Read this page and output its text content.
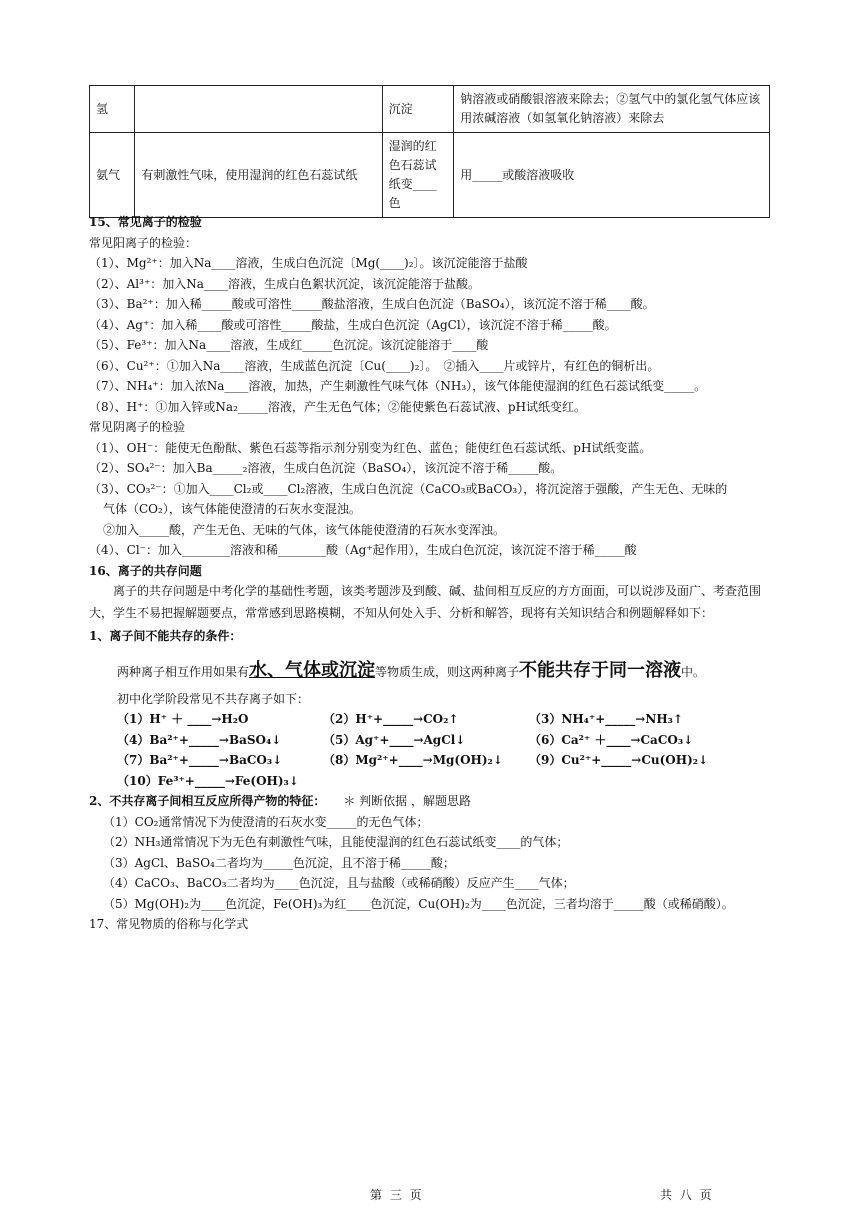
氢		沉淀	钠溶液或硝酸银溶液来除去；②氢气中的氯化氢气体应该用浓碱溶液（如氢氧化钠溶液）来除去
氨气	有刺激性气味，使用湿润的红色石蕊试纸	湿润的红色石蕊试纸变____色	用_____或酸溶液吸收
15、常见离子的检验
常见阳离子的检验：
（1）、Mg²⁺：加入Na____溶液，生成白色沉淀〔Mg(____)₂〕。该沉淀能溶于盐酸
（2）、Al³⁺：加入Na____溶液，生成白色絮状沉淀，该沉淀能溶于盐酸。
（3）、Ba²⁺：加入稀_____酸或可溶性_____酸盐溶液，生成白色沉淀（BaSO₄），该沉淀不溶于稀____酸。
（4）、Ag⁺：加入稀____酸或可溶性_____酸盐，生成白色沉淀（AgCl），该沉淀不溶于稀_____酸。
（5）、Fe³⁺：加入Na____溶液，生成红_____色沉淀。该沉淀能溶于____酸
（6）、Cu²⁺：①加入Na____溶液，生成蓝色沉淀〔Cu(____)₂〕。　②插入____片或锌片，有红色的铜析出。
（7）、NH₄⁺：加入浓Na____溶液，加热，产生刺激性气味气体（NH₃），该气体能使湿润的红色石蕊试纸变_____。
（8）、H⁺：①加入锌或Na₂_____溶液，产生无色气体；②能使紫色石蕊试液、pH试纸变红。
常见阴离子的检验
（1）、OH⁻：能使无色酚酞、紫色石蕊等指示剂分别变为红色、蓝色；能使红色石蕊试纸、pH试纸变蓝。
（2）、SO₄²⁻：加入Ba_____₂溶液，生成白色沉淀（BaSO₄），该沉淀不溶于稀_____酸。
（3）、CO₃²⁻：①加入____Cl₂或____Cl₂溶液，生成白色沉淀（CaCO₃或BaCO₃），将沉淀溶于强酸，产生无色、无味的
气体（CO₂），该气体能使澄清的石灰水变混浊。
②加入_____酸，产生无色、无味的气体，该气体能使澄清的石灰水变浑浊。
（4）、Cl⁻：加入________溶液和稀________酸（Ag⁺起作用），生成白色沉淀，该沉淀不溶于稀_____酸
16、离子的共存问题
离子的共存问题是中考化学的基础性考题，该类考题涉及到酸、碱、盐间相互反应的方方面面，可以说涉及面广、考查范围大，学生不易把握解题要点，常常感到思路模糊，不知从何处入手、分析和解答，现将有关知识结合和例题解释如下：
1、离子间不能共存的条件：
两种离子相互作用如果有水、气体或沉淀等物质生成，则这两种离子不能共存于同一溶液中。
初中化学阶段常见不共存离子如下：
（1）H⁺ ＋ ____→H₂O	（2）H⁺+_____→CO₂↑	（3）NH₄⁺+_____→NH₃↑
（4）Ba²⁺+_____→BaSO₄↓	（5）Ag⁺+____→AgCl↓	（6）Ca²⁺ ＋____→CaCO₃↓
（7）Ba²⁺+_____→BaCO₃↓	（8）Mg²⁺+____→Mg(OH)₂↓	（9）Cu²⁺+_____→Cu(OH)₂↓
（10）Fe³⁺+_____→Fe(OH)₃↓
2、不共存离子间相互反应所得产物的特征： ＊ 判断依据 ，解题思路
（1）CO₂通常情况下为使澄清的石灰水变_____的无色气体；
（2）NH₃通常情况下为无色有刺激性气味，且能使湿润的红色石蕊试纸变____的气体；
（3）AgCl、BaSO₄二者均为_____色沉淀，且不溶于稀_____酸；
（4）CaCO₃、BaCO₃二者均为____色沉淀，且与盐酸（或稀硝酸）反应产生____气体；
（5）Mg(OH)₂为____色沉淀，Fe(OH)₃为红____色沉淀，Cu(OH)₂为____色沉淀，三者均溶于_____酸（或稀硝酸）。
17、常见物质的俗称与化学式
第 三 页	共 八 页
